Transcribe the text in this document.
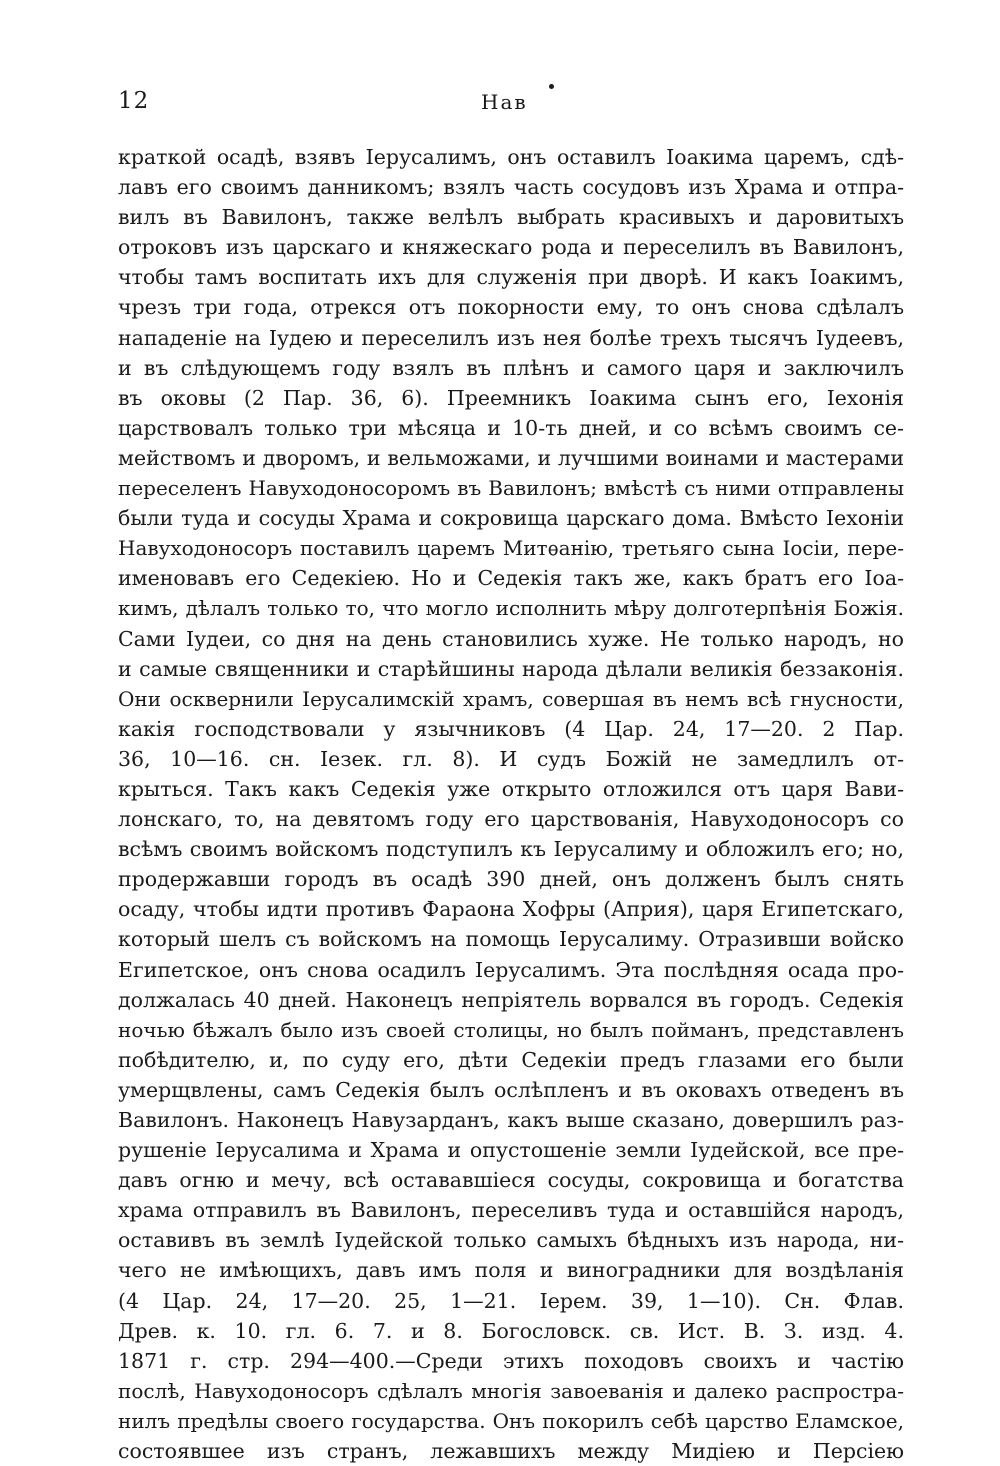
12	Нав
краткой осадѣ, взявъ Іерусалимъ, онъ оставилъ Іоакима царемъ, сдѣ-
лавъ его своимъ данникомъ; взялъ часть сосудовъ изъ Храма и отпра-
вилъ въ Вавилонъ, также велѣлъ выбрать красивыхъ и даровитыхъ
отроковъ изъ царскаго и княжескаго рода и переселилъ въ Вавилонъ,
чтобы тамъ воспитать ихъ для служенія при дворѣ. И какъ Іоакимъ,
чрезъ три года, отрекся отъ покорности ему, то онъ снова сдѣлалъ
нападеніе на Іудею и переселилъ изъ нея болѣе трехъ тысячъ Іудеевъ,
и въ слѣдующемъ году взялъ въ плѣнъ и самого царя и заключилъ
въ оковы (2 Пар. 36, 6). Преемникъ Іоакима сынъ его, Іехонія
царствовалъ только три мѣсяца и 10-ть дней, и со всѣмъ своимъ се-
мействомъ и дворомъ, и вельможами, и лучшими воинами и мастерами
переселенъ Навуходоносоромъ въ Вавилонъ; вмѣстѣ съ ними отправлены
были туда и сосуды Храма и сокровища царскаго дома. Вмѣсто Іехоніи
Навуходоносоръ поставилъ царемъ Митѳанію, третьяго сына Іосіи, пере-
именовавъ его Седекіею. Но и Седекія такъ же, какъ братъ его Іоа-
кимъ, дѣлалъ только то, что могло исполнить мѣру долготерпѣнія Божія.
Сами Іудеи, со дня на день становились хуже. Не только народъ, но
и самые священники и старѣйшины народа дѣлали великія беззаконія.
Они осквернили Іерусалимскій храмъ, совершая въ немъ всѣ гнусности,
какія господствовали у язычниковъ (4 Цар. 24, 17—20. 2 Пар.
36, 10—16. сн. Іезек. гл. 8). И судъ Божій не замедлилъ от-
крыться. Такъ какъ Седекія уже открыто отложился отъ царя Вави-
лонскаго, то, на девятомъ году его царствованія, Навуходоносоръ со
всѣмъ своимъ войскомъ подступилъ къ Іерусалиму и обложилъ его; но,
продержавши городъ въ осадѣ 390 дней, онъ долженъ былъ снять
осаду, чтобы идти противъ Фараона Хофры (Априя), царя Египетскаго,
который шелъ съ войскомъ на помощь Іерусалиму. Отразивши войско
Египетское, онъ снова осадилъ Іерусалимъ. Эта послѣдняя осада про-
должалась 40 дней. Наконецъ непріятель ворвался въ городъ. Седекія
ночью бѣжалъ было изъ своей столицы, но былъ пойманъ, представленъ
побѣдителю, и, по суду его, дѣти Седекіи предъ глазами его были
умерщвлены, самъ Седекія былъ ослѣпленъ и въ оковахъ отведенъ въ
Вавилонъ. Наконецъ Навузарданъ, какъ выше сказано, довершилъ раз-
рушеніе Іерусалима и Храма и опустошеніе земли Іудейской, все пре-
давъ огню и мечу, всѣ остававшіеся сосуды, сокровища и богатства
храма отправилъ въ Вавилонъ, переселивъ туда и оставшійся народъ,
оставивъ въ землѣ Іудейской только самыхъ бѣдныхъ изъ народа, ни-
чего не имѣющихъ, давъ имъ поля и виноградники для воздѣланія
(4 Цар. 24, 17—20. 25, 1—21. Іерем. 39, 1—10). Сн. Флав.
Древ. к. 10. гл. 6. 7. и 8. Богословск. св. Ист. В. З. изд. 4.
1871 г. стр. 294—400.—Среди этихъ походовъ своихъ и частію
послѣ, Навуходоносоръ сдѣлалъ многія завоеванія и далеко распростра-
нилъ предѣлы своего государства. Онъ покорилъ себѣ царство Еламское,
состоявшее изъ странъ, лежавшихъ между Мидіею и Персіею
